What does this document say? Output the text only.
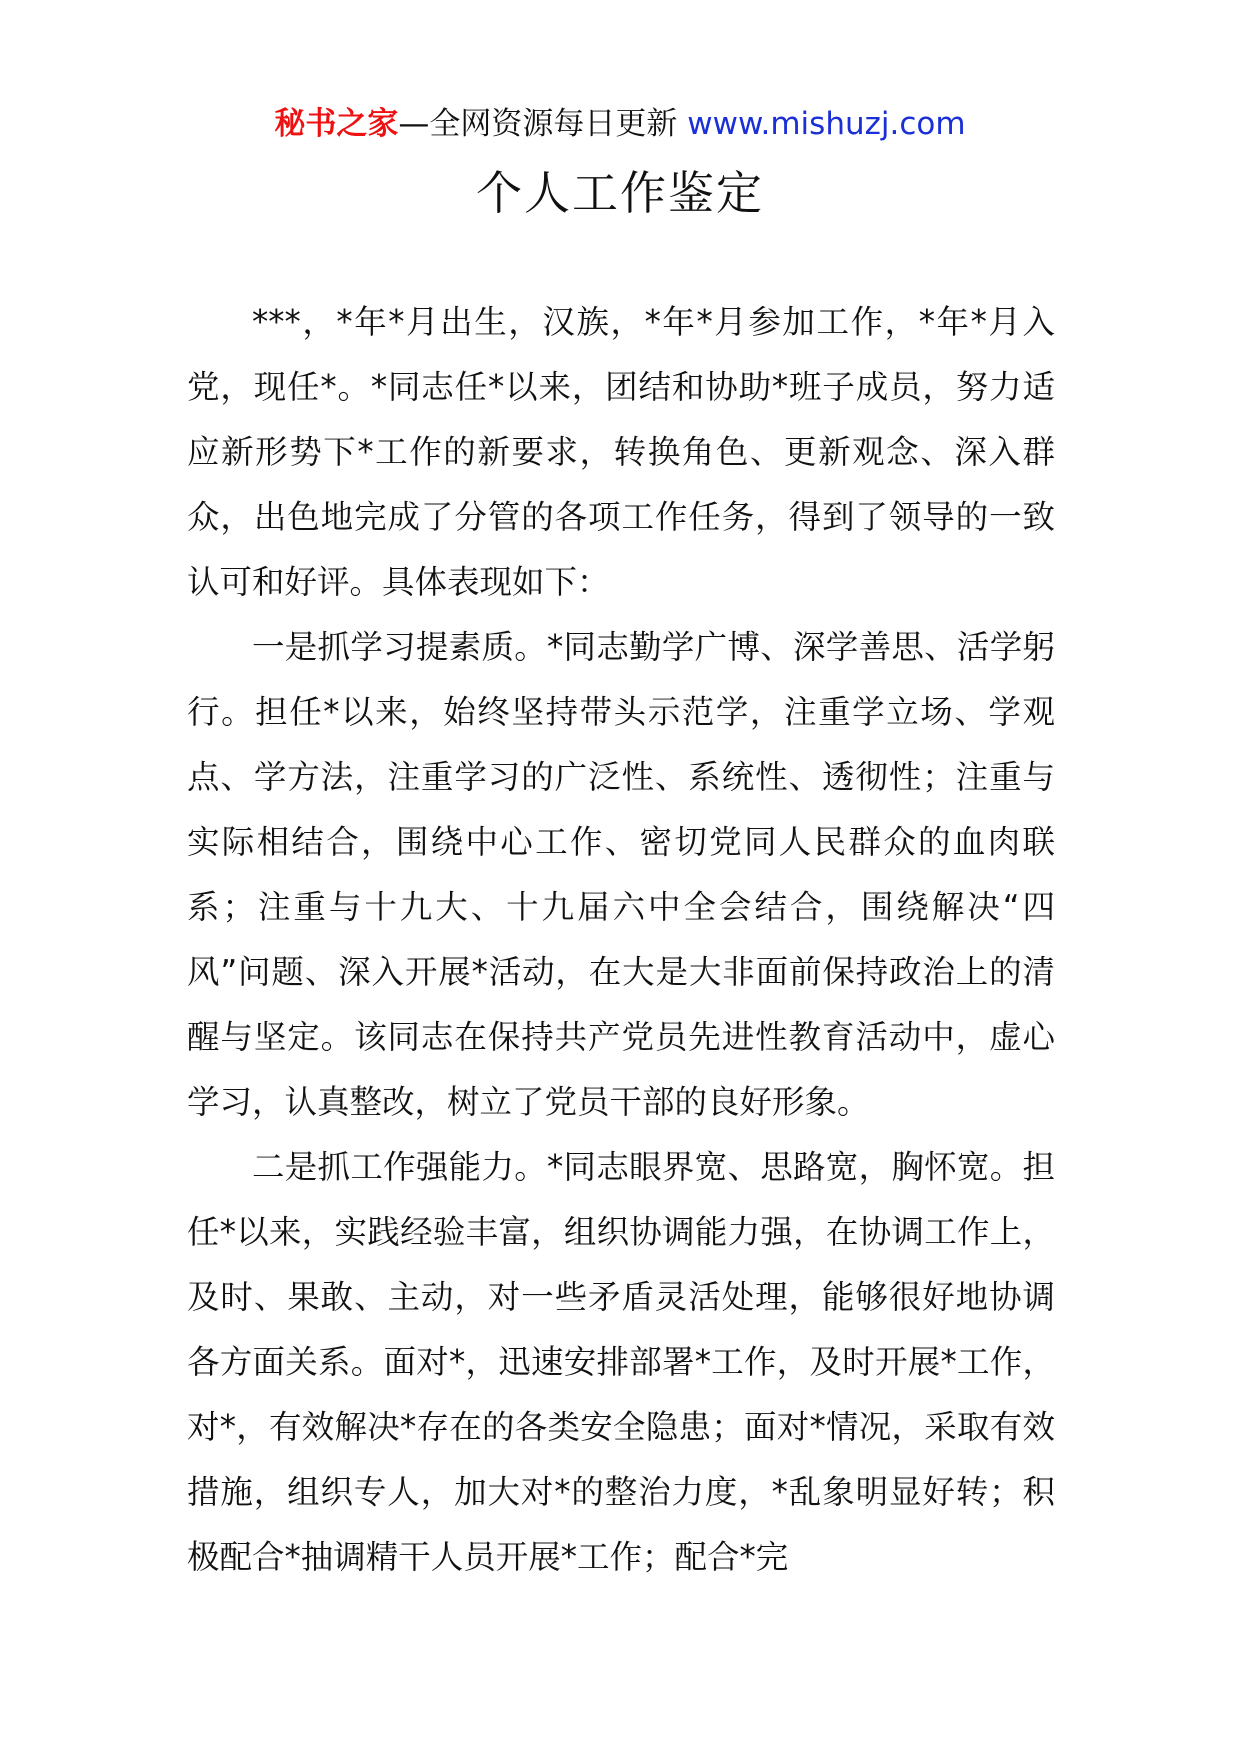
秘书之家—全网资源每日更新 www.mishuzj.com
个人工作鉴定

***，*年*月出生，汉族，*年*月参加工作，*年*月入党，现任*。*同志任*以来，团结和协助*班子成员，努力适应新形势下*工作的新要求，转换角色、更新观念、深入群众，出色地完成了分管的各项工作任务，得到了领导的一致认可和好评。具体表现如下：

一是抓学习提素质。*同志勤学广博、深学善思、活学躬行。担任*以来，始终坚持带头示范学，注重学立场、学观点、学方法，注重学习的广泛性、系统性、透彻性；注重与实际相结合，围绕中心工作、密切党同人民群众的血肉联系；注重与十九大、十九届六中全会结合，围绕解决“四风”问题、深入开展*活动，在大是大非面前保持政治上的清醒与坚定。该同志在保持共产党员先进性教育活动中，虚心学习，认真整改，树立了党员干部的良好形象。

二是抓工作强能力。*同志眼界宽、思路宽，胸怀宽。担任*以来，实践经验丰富，组织协调能力强，在协调工作上，及时、果敢、主动，对一些矛盾灵活处理，能够很好地协调各方面关系。面对*，迅速安排部署*工作，及时开展*工作，对*，有效解决*存在的各类安全隐患；面对*情况，采取有效措施，组织专人，加大对*的整治力度，*乱象明显好转；积极配合*抽调精干人员开展*工作；配合*完
